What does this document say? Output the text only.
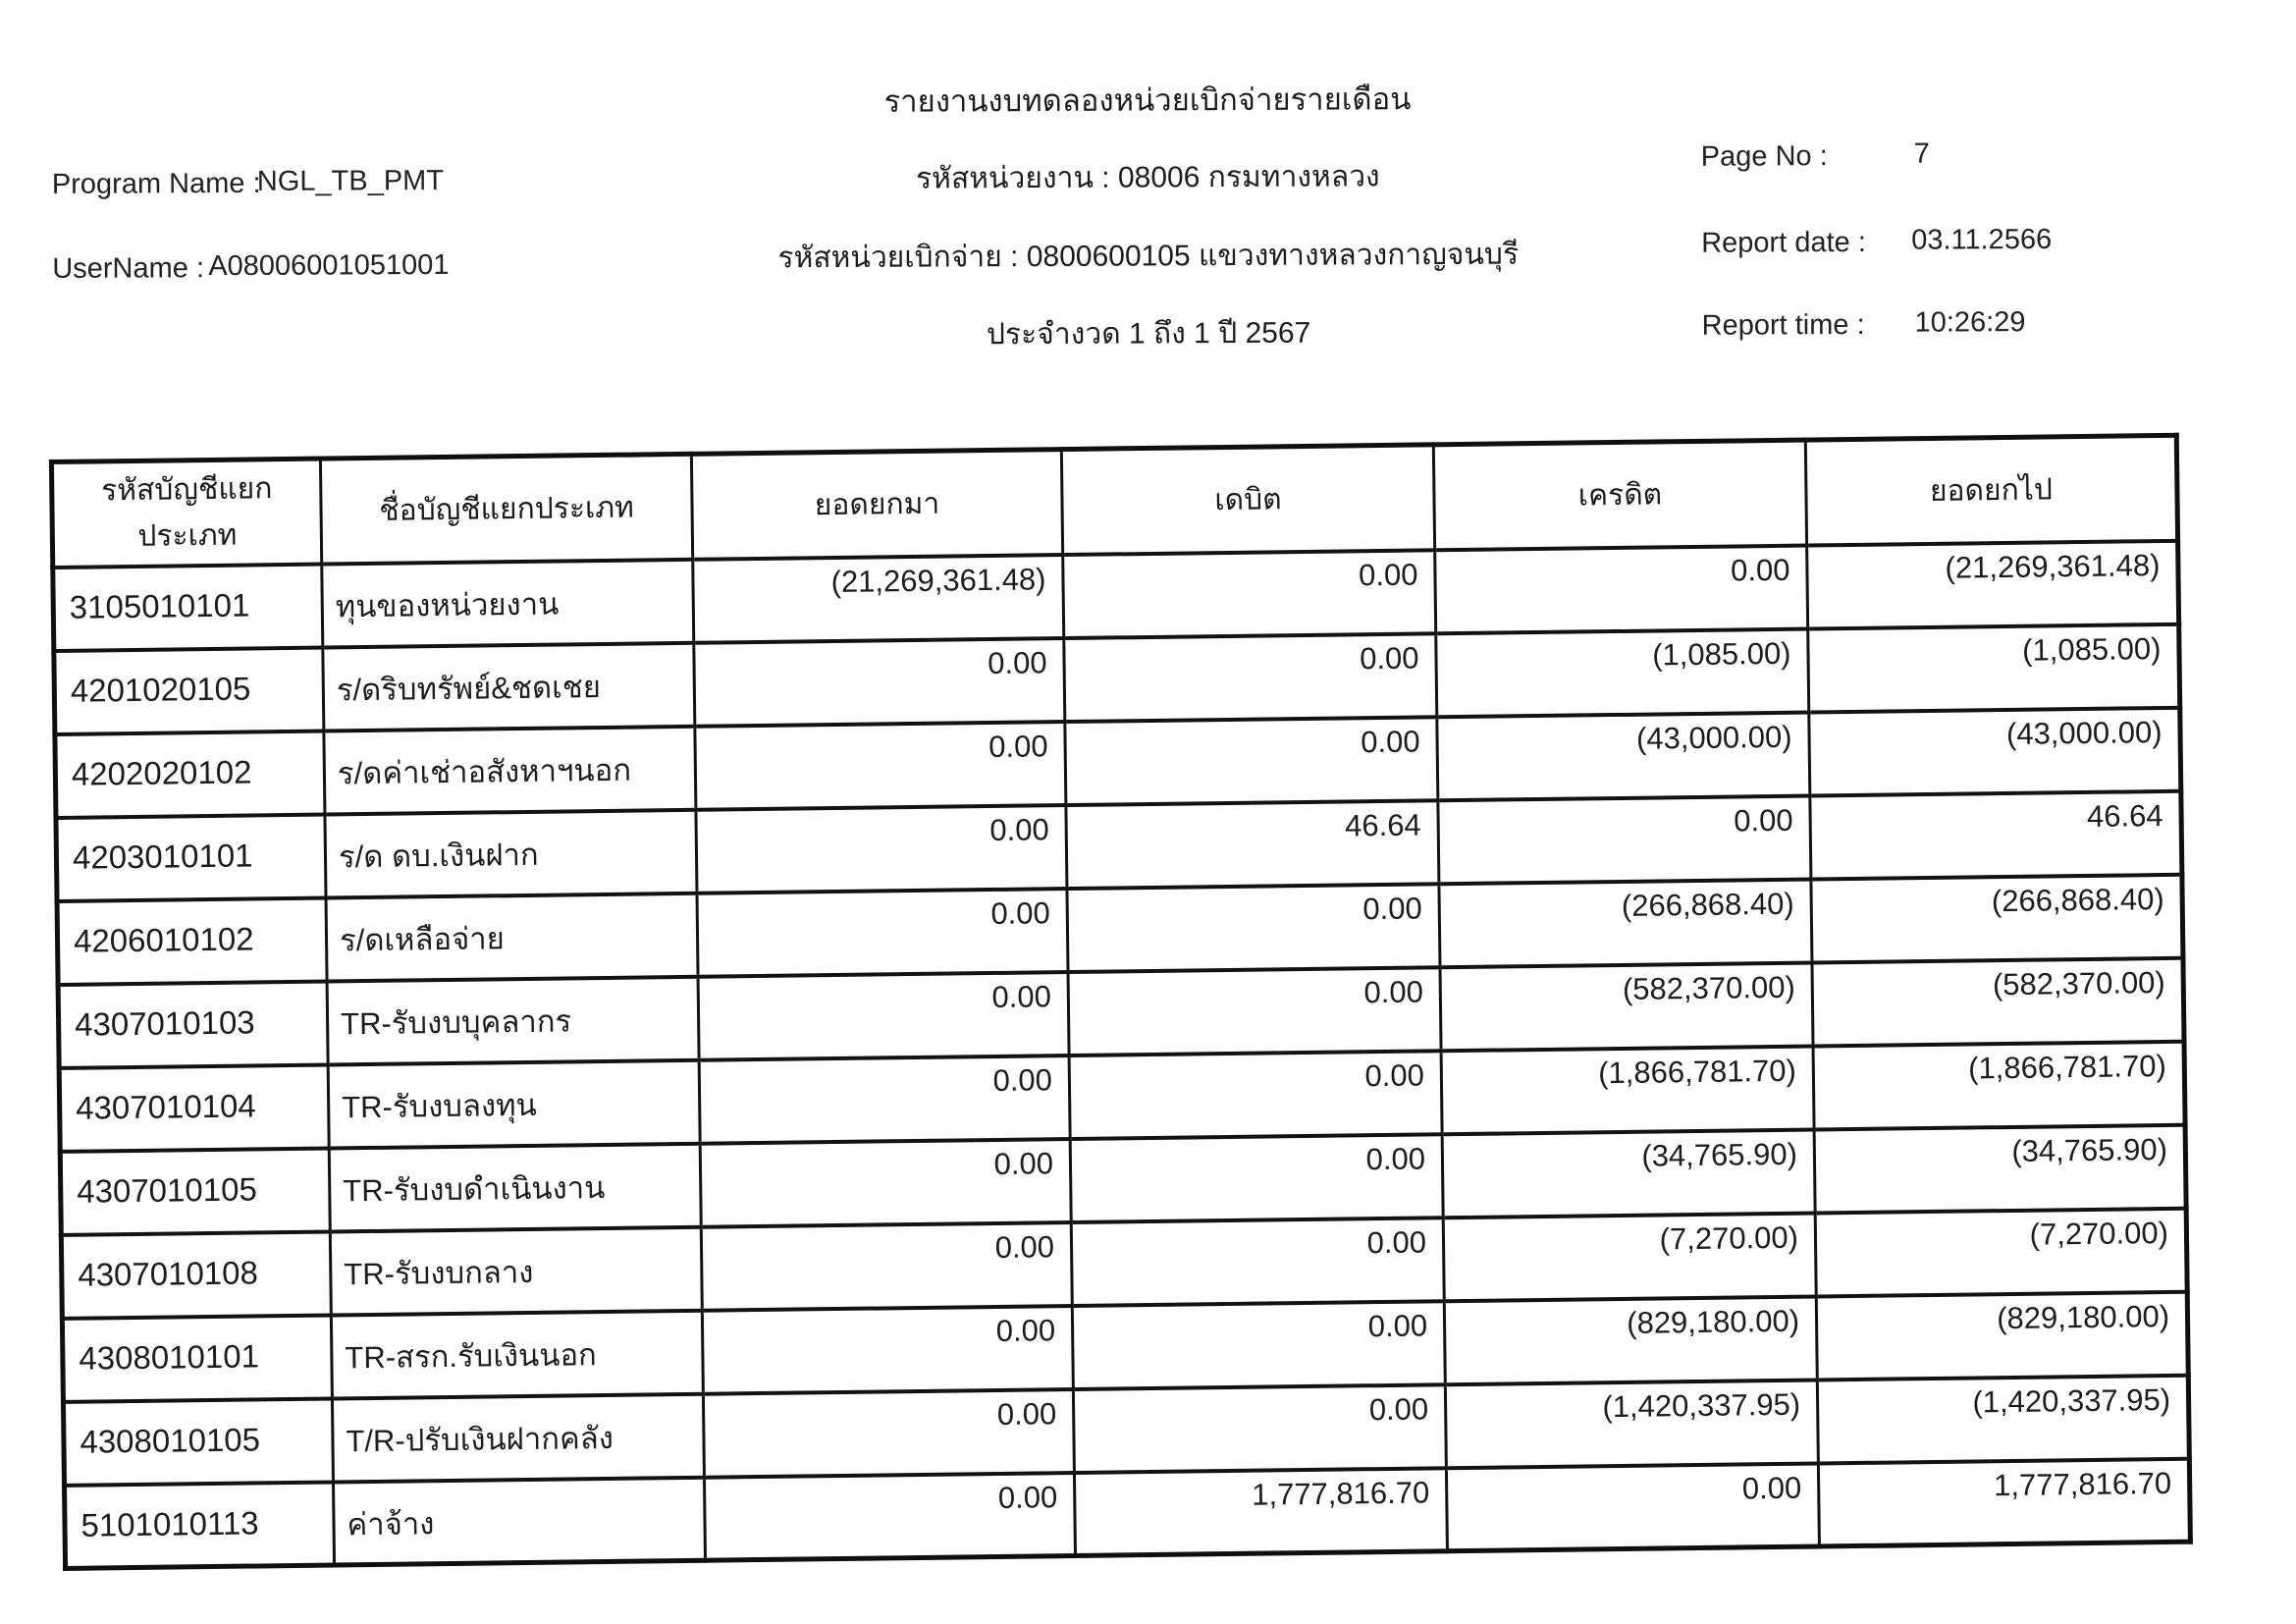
รายงานงบทดลองหน่วยเบิกจ่ายรายเดือน
รหัสหน่วยงาน : 08006 กรมทางหลวง
รหัสหน่วยเบิกจ่าย : 0800600105 แขวงทางหลวงกาญจนบุรี
ประจำงวด 1 ถึง 1 ปี 2567
Program Name :
NGL_TB_PMT
UserName : A08006001051001
Page No :	7
Report date : 03.11.2566
Report time : 10:26:29
รหัสบัญชีแยกประเภท	ชื่อบัญชีแยกประเภท	ยอดยกมา	เดบิต	เครดิต	ยอดยกไป
3105010101	ทุนของหน่วยงาน	(21,269,361.48)	0.00	0.00	(21,269,361.48)
4201020105	ร/ดริบทรัพย์&ชดเชย	0.00	0.00	(1,085.00)	(1,085.00)
4202020102	ร/ดค่าเช่าอสังหาฯนอก	0.00	0.00	(43,000.00)	(43,000.00)
4203010101	ร/ด ดบ.เงินฝาก	0.00	46.64	0.00	46.64
4206010102	ร/ดเหลือจ่าย	0.00	0.00	(266,868.40)	(266,868.40)
4307010103	TR-รับงบบุคลากร	0.00	0.00	(582,370.00)	(582,370.00)
4307010104	TR-รับงบลงทุน	0.00	0.00	(1,866,781.70)	(1,866,781.70)
4307010105	TR-รับงบดำเนินงาน	0.00	0.00	(34,765.90)	(34,765.90)
4307010108	TR-รับงบกลาง	0.00	0.00	(7,270.00)	(7,270.00)
4308010101	TR-สรก.รับเงินนอก	0.00	0.00	(829,180.00)	(829,180.00)
4308010105	T/R-ปรับเงินฝากคลัง	0.00	0.00	(1,420,337.95)	(1,420,337.95)
5101010113	ค่าจ้าง	0.00	1,777,816.70	0.00	1,777,816.70
